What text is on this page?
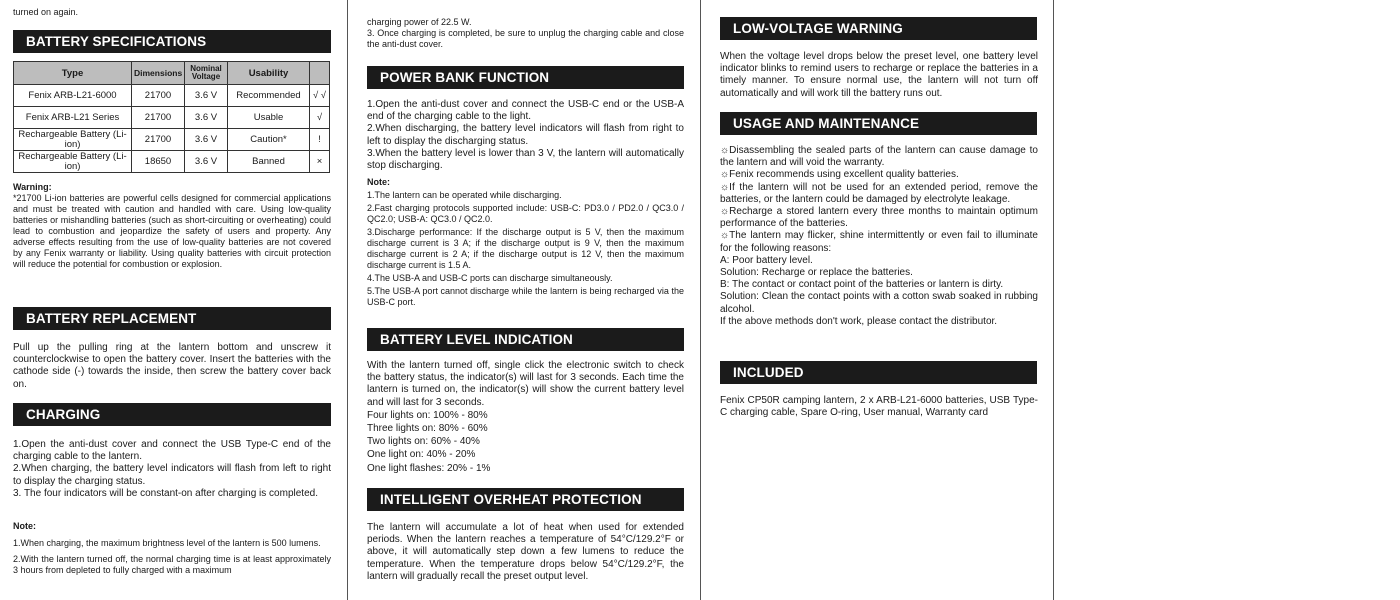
turned on again.

BATTERY SPECIFICATIONS
Type	Dimensions	Nominal Voltage	Usability	
Fenix ARB-L21-6000	21700	3.6 V	Recommended	√ √
Fenix ARB-L21 Series	21700	3.6 V	Usable	√
Rechargeable Battery (Li-ion)	21700	3.6 V	Caution*	!
Rechargeable Battery (Li-ion)	18650	3.6 V	Banned	×

Warning:

*21700 Li-ion batteries are powerful cells designed for commercial applications and must be treated with caution and handled with care. Using low-quality batteries or mishandling batteries (such as short-circuiting or overheating) could lead to combustion and jeopardize the safety of users and property. Any adverse effects resulting from the use of low-quality batteries are not covered by any Fenix warranty or liability. Using quality batteries with circuit protection will reduce the potential for combustion or explosion.

BATTERY REPLACEMENT

Pull up the pulling ring at the lantern bottom and unscrew it counterclockwise to open the battery cover. Insert the batteries with the cathode side (-) towards the inside, then screw the battery cover back on.

CHARGING

1.Open the anti-dust cover and connect the USB Type-C end of the charging cable to the lantern.

2.When charging, the battery level indicators will flash from left to right to display the charging status.

3. The four indicators will be constant-on after charging is completed.

Note:

1.When charging, the maximum brightness level of the lantern is 500 lumens.

2.With the lantern turned off, the normal charging time is at least approximately 3 hours from depleted to fully charged with a maximum

charging power of 22.5 W.

3. Once charging is completed, be sure to unplug the charging cable and close the anti-dust cover.

POWER BANK FUNCTION

1.Open the anti-dust cover and connect the USB-C end or the USB-A end of the charging cable to the light.

2.When discharging, the battery level indicators will flash from right to left to display the discharging status.

3.When the battery level is lower than 3 V, the lantern will automatically stop discharging.

Note:

1.The lantern can be operated while discharging.

2.Fast charging protocols supported include: USB-C: PD3.0 / PD2.0 / QC3.0 / QC2.0; USB-A: QC3.0 / QC2.0.

3.Discharge performance: If the discharge output is 5 V, then the maximum discharge current is 3 A; if the discharge output is 9 V, then the maximum discharge current is 2 A; if the discharge output is 12 V, then the maximum discharge current is 1.5 A.

4.The USB-A and USB-C ports can discharge simultaneously.

5.The USB-A port cannot discharge while the lantern is being recharged via the USB-C port.

BATTERY LEVEL INDICATION

With the lantern turned off, single click the electronic switch to check the battery status, the indicator(s) will last for 3 seconds. Each time the lantern is turned on, the indicator(s) will show the current battery level and will last for 3 seconds.

Four lights on: 100% - 80%

Three lights on: 80% - 60%

Two lights on: 60% - 40%

One light on: 40% - 20%

One light flashes: 20% - 1%

INTELLIGENT OVERHEAT PROTECTION

The lantern will accumulate a lot of heat when used for extended periods. When the lantern reaches a temperature of 54°C/129.2°F or above, it will automatically step down a few lumens to reduce the temperature. When the temperature drops below 54°C/129.2°F, the lantern will gradually recall the preset output level.

LOW-VOLTAGE WARNING

When the voltage level drops below the preset level, one battery level indicator blinks to remind users to recharge or replace the batteries in a timely manner. To ensure normal use, the lantern will not turn off automatically and will work till the battery runs out.

USAGE AND MAINTENANCE

☼Disassembling the sealed parts of the lantern can cause damage to the lantern and will void the warranty.

☼Fenix recommends using excellent quality batteries.

☼If the lantern will not be used for an extended period, remove the batteries, or the lantern could be damaged by electrolyte leakage.

☼Recharge a stored lantern every three months to maintain optimum performance of the batteries.

☼The lantern may flicker, shine intermittently or even fail to illuminate for the following reasons:

A: Poor battery level.

Solution: Recharge or replace the batteries.

B: The contact or contact point of the batteries or lantern is dirty.

Solution: Clean the contact points with a cotton swab soaked in rubbing alcohol.

If the above methods don't work, please contact the distributor.

INCLUDED

Fenix CP50R camping lantern, 2 x ARB-L21-6000 batteries, USB Type-C charging cable, Spare O-ring, User manual, Warranty card
